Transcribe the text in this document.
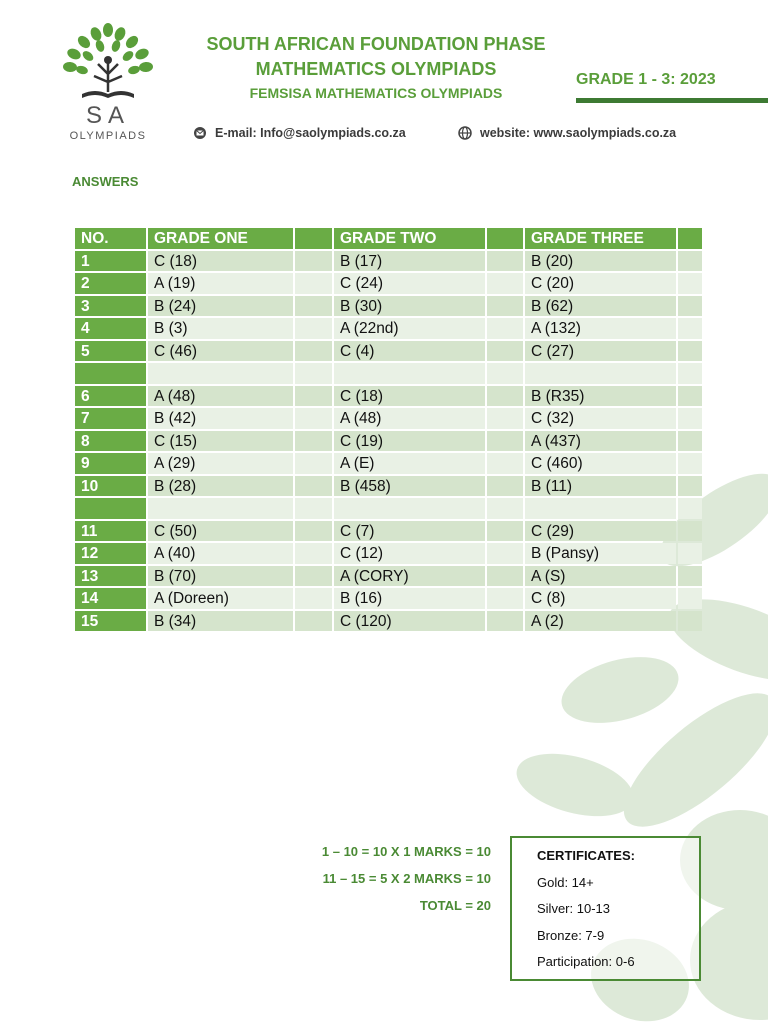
SA
OLYMPIADS
SOUTH AFRICAN FOUNDATION PHASE
MATHEMATICS OLYMPIADS
FEMSISA MATHEMATICS OLYMPIADS
GRADE 1 - 3: 2023
E-mail: Info@saolympiads.co.za	website: www.saolympiads.co.za
ANSWERS
NO.	GRADE ONE	GRADE TWO	GRADE THREE
1	C (18)	B (17)	B (20)
2	A (19)	C (24)	C (20)
3	B (24)	B (30)	B (62)
4	B (3)	A (22nd)	A (132)
5	C (46)	C (4)	C (27)
6	A (48)	C (18)	B (R35)
7	B (42)	A (48)	C (32)
8	C (15)	C (19)	A (437)
9	A (29)	A (E)	C (460)
10	B (28)	B (458)	B (11)
11	C (50)	C (7)	C (29)
12	A (40)	C (12)	B (Pansy)
13	B (70)	A (CORY)	A (S)
14	A (Doreen)	B (16)	C (8)
15	B (34)	C (120)	A (2)
1 – 10 = 10 X 1 MARKS = 10
11 – 15 = 5 X 2 MARKS = 10
TOTAL = 20
CERTIFICATES:
Gold: 14+
Silver: 10-13
Bronze: 7-9
Participation: 0-6
